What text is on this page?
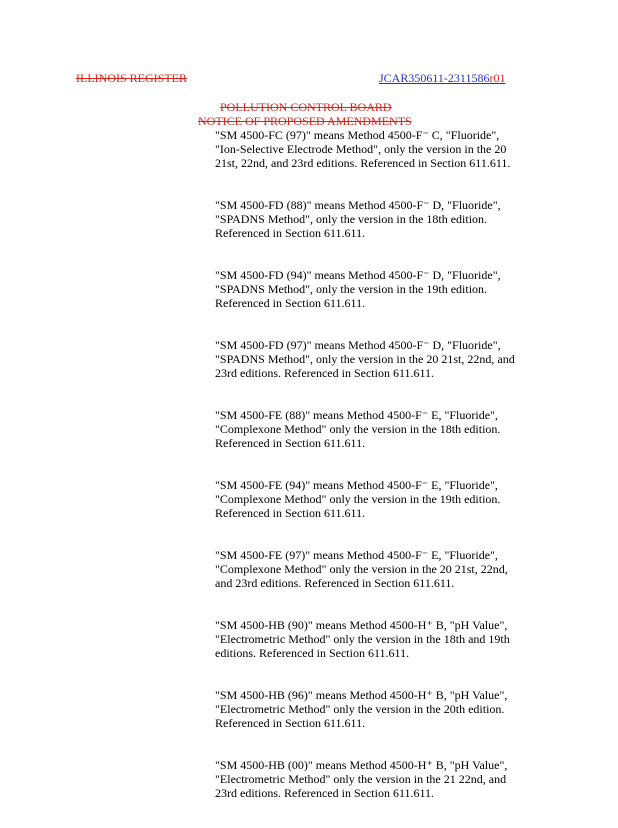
ILLINOIS REGISTER	JCAR350611-2311586r01
POLLUTION CONTROL BOARD
NOTICE OF PROPOSED AMENDMENTS
"SM 4500-FC (97)" means Method 4500-F⁻ C, "Fluoride",
"Ion-Selective Electrode Method", only the version in the 20
21st, 22nd, and 23rd editions. Referenced in Section 611.611.
"SM 4500-FD (88)" means Method 4500-F⁻ D, "Fluoride",
"SPADNS Method", only the version in the 18th edition.
Referenced in Section 611.611.
"SM 4500-FD (94)" means Method 4500-F⁻ D, "Fluoride",
"SPADNS Method", only the version in the 19th edition.
Referenced in Section 611.611.
"SM 4500-FD (97)" means Method 4500-F⁻ D, "Fluoride",
"SPADNS Method", only the version in the 20 21st, 22nd, and
23rd editions. Referenced in Section 611.611.
"SM 4500-FE (88)" means Method 4500-F⁻ E, "Fluoride",
"Complexone Method" only the version in the 18th edition.
Referenced in Section 611.611.
"SM 4500-FE (94)" means Method 4500-F⁻ E, "Fluoride",
"Complexone Method" only the version in the 19th edition.
Referenced in Section 611.611.
"SM 4500-FE (97)" means Method 4500-F⁻ E, "Fluoride",
"Complexone Method" only the version in the 20 21st, 22nd,
and 23rd editions. Referenced in Section 611.611.
"SM 4500-HB (90)" means Method 4500-H⁺ B, "pH Value",
"Electrometric Method" only the version in the 18th and 19th
editions. Referenced in Section 611.611.
"SM 4500-HB (96)" means Method 4500-H⁺ B, "pH Value",
"Electrometric Method" only the version in the 20th edition.
Referenced in Section 611.611.
"SM 4500-HB (00)" means Method 4500-H⁺ B, "pH Value",
"Electrometric Method" only the version in the 21 22nd, and
23rd editions. Referenced in Section 611.611.
